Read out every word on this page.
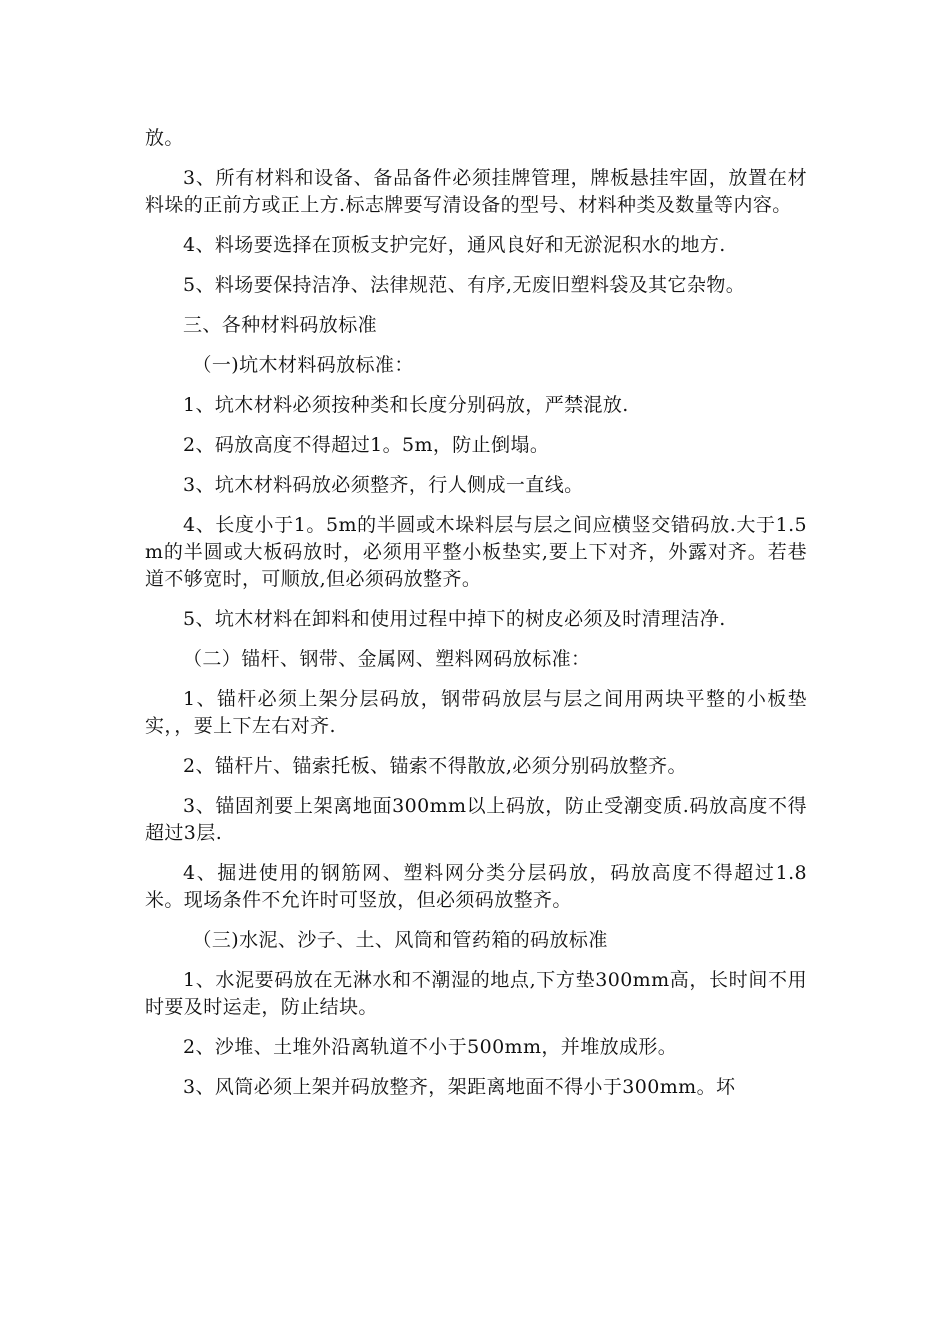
放。

3、所有材料和设备、备品备件必须挂牌管理，牌板悬挂牢固，放置在材料垛的正前方或正上方.标志牌要写清设备的型号、材料种类及数量等内容。

4、料场要选择在顶板支护完好，通风良好和无淤泥积水的地方.

5、料场要保持洁净、法律规范、有序,无废旧塑料袋及其它杂物。

三、各种材料码放标准

（一)坑木材料码放标准：

1、坑木材料必须按种类和长度分别码放，严禁混放.

2、码放高度不得超过1。5m，防止倒塌。

3、坑木材料码放必须整齐，行人侧成一直线。

4、长度小于1。5m的半圆或木垛料层与层之间应横竖交错码放.大于1.5m的半圆或大板码放时，必须用平整小板垫实,要上下对齐，外露对齐。若巷道不够宽时，可顺放,但必须码放整齐。

5、坑木材料在卸料和使用过程中掉下的树皮必须及时清理洁净.

（二）锚杆、钢带、金属网、塑料网码放标准：

1、锚杆必须上架分层码放，钢带码放层与层之间用两块平整的小板垫实，，要上下左右对齐.

2、锚杆片、锚索托板、锚索不得散放,必须分别码放整齐。

3、锚固剂要上架离地面300mm以上码放，防止受潮变质.码放高度不得超过3层.

4、掘进使用的钢筋网、塑料网分类分层码放，码放高度不得超过1.8米。现场条件不允许时可竖放，但必须码放整齐。

（三)水泥、沙子、土、风筒和管药箱的码放标准

1、水泥要码放在无淋水和不潮湿的地点,下方垫300mm高，长时间不用时要及时运走，防止结块。

2、沙堆、土堆外沿离轨道不小于500mm，并堆放成形。

3、风筒必须上架并码放整齐，架距离地面不得小于300mm。坏
